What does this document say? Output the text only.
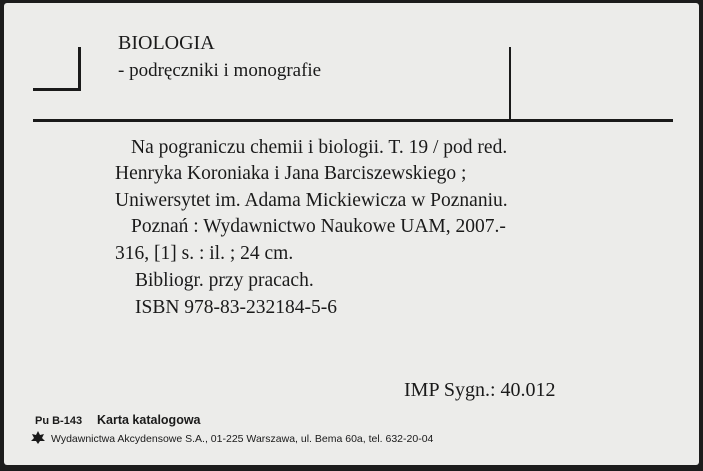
BIOLOGIA
- podręczniki i monografie
Na pograniczu chemii i biologii. T. 19 / pod red.
Henryka Koroniaka i Jana Barciszewskiego ;
Uniwersytet im. Adama Mickiewicza w Poznaniu.
Poznań : Wydawnictwo Naukowe UAM, 2007.-
316, [1] s. : il. ; 24 cm.
Bibliogr. przy pracach.
ISBN 978-83-232184-5-6
IMP Sygn.: 40.012
Pu B-143 Karta katalogowa
Wydawnictwa Akcydensowe S.A., 01-225 Warszawa, ul. Bema 60a, tel. 632-20-04
